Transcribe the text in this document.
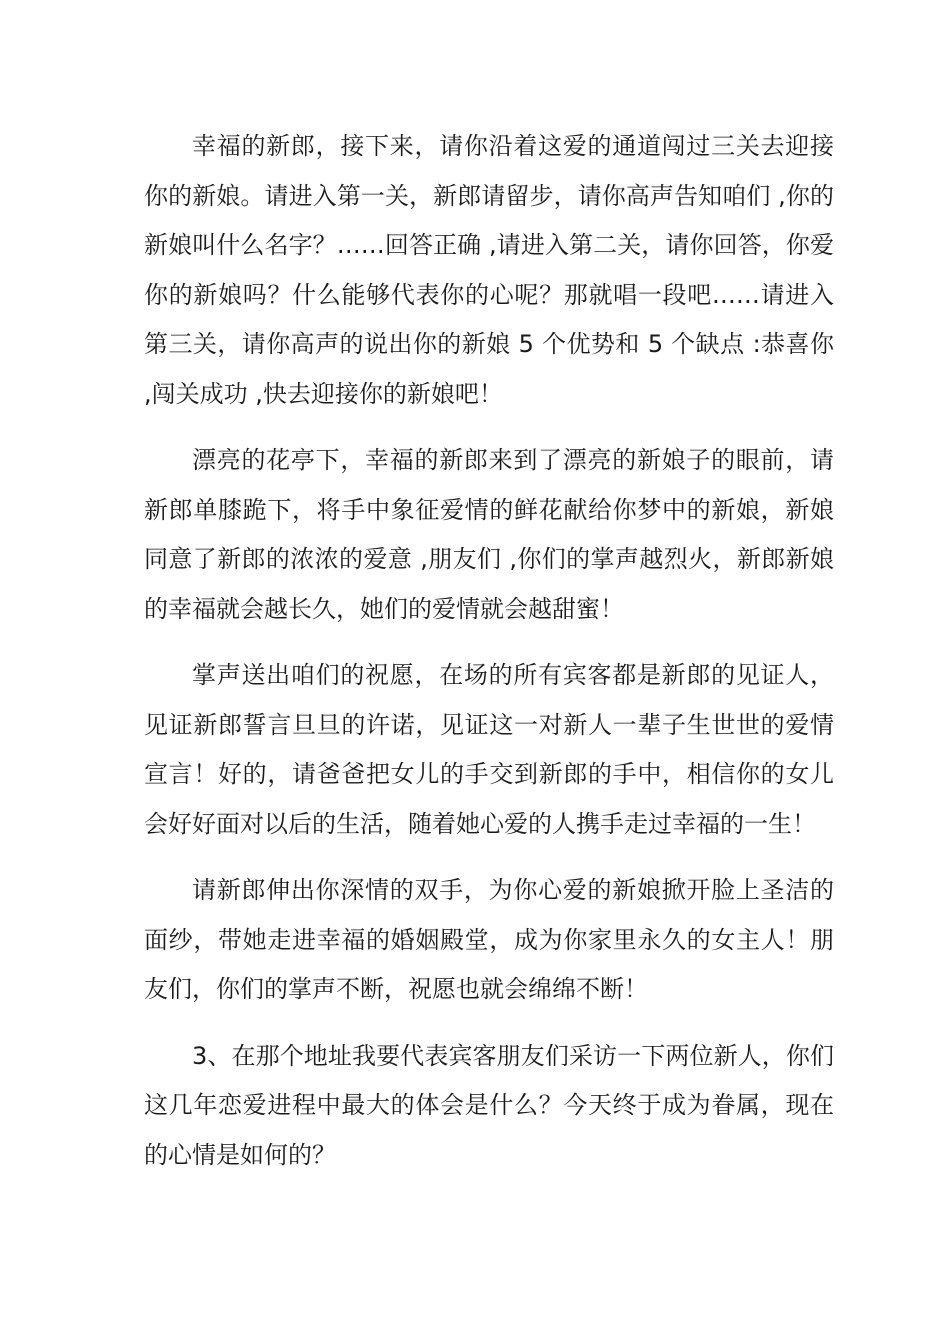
幸福的新郎，接下来，请你沿着这爱的通道闯过三关去迎接你的新娘。请进入第一关，新郎请留步，请你高声告知咱们 ,你的新娘叫什么名字？……回答正确 ,请进入第二关，请你回答，你爱你的新娘吗？什么能够代表你的心呢？那就唱一段吧……请进入第三关，请你高声的说出你的新娘 5 个优势和 5 个缺点 :恭喜你 ,闯关成功 ,快去迎接你的新娘吧！

漂亮的花亭下，幸福的新郎来到了漂亮的新娘子的眼前，请新郎单膝跪下，将手中象征爱情的鲜花献给你梦中的新娘，新娘同意了新郎的浓浓的爱意 ,朋友们 ,你们的掌声越烈火，新郎新娘的幸福就会越长久，她们的爱情就会越甜蜜！

掌声送出咱们的祝愿，在场的所有宾客都是新郎的见证人，见证新郎誓言旦旦的许诺，见证这一对新人一辈子生世世的爱情宣言！好的，请爸爸把女儿的手交到新郎的手中，相信你的女儿会好好面对以后的生活，随着她心爱的人携手走过幸福的一生！

请新郎伸出你深情的双手，为你心爱的新娘掀开脸上圣洁的面纱，带她走进幸福的婚姻殿堂，成为你家里永久的女主人！朋友们，你们的掌声不断，祝愿也就会绵绵不断！

3、在那个地址我要代表宾客朋友们采访一下两位新人，你们这几年恋爱进程中最大的体会是什么？今天终于成为眷属，现在的心情是如何的？
